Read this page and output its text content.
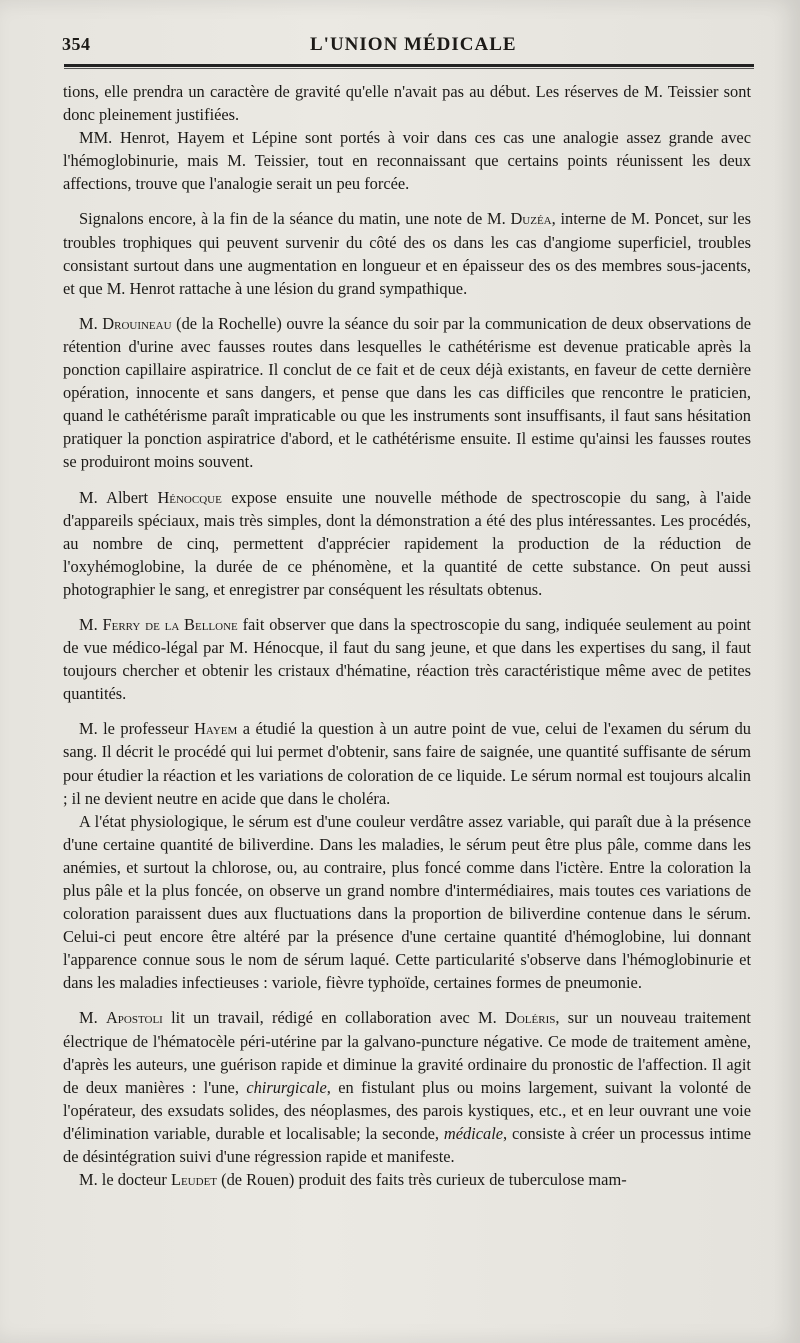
354	L'UNION MÉDICALE

tions, elle prendra un caractère de gravité qu'elle n'avait pas au début. Les réserves de M. Teissier sont donc pleinement justifiées.

MM. Henrot, Hayem et Lépine sont portés à voir dans ces cas une analogie assez grande avec l'hémoglobinurie, mais M. Teissier, tout en reconnaissant que certains points réunissent les deux affections, trouve que l'analogie serait un peu forcée.

Signalons encore, à la fin de la séance du matin, une note de M. Duzéa, interne de M. Poncet, sur les troubles trophiques qui peuvent survenir du côté des os dans les cas d'angiome superficiel, troubles consistant surtout dans une augmentation en longueur et en épaisseur des os des membres sous-jacents, et que M. Henrot rattache à une lésion du grand sympathique.

M. Drouineau (de la Rochelle) ouvre la séance du soir par la communication de deux observations de rétention d'urine avec fausses routes dans lesquelles le cathétérisme est devenue praticable après la ponction capillaire aspiratrice. Il conclut de ce fait et de ceux déjà existants, en faveur de cette dernière opération, innocente et sans dangers, et pense que dans les cas difficiles que rencontre le praticien, quand le cathétérisme paraît impraticable ou que les instruments sont insuffisants, il faut sans hésitation pratiquer la ponction aspiratrice d'abord, et le cathétérisme ensuite. Il estime qu'ainsi les fausses routes se produiront moins souvent.

M. Albert Hénocque expose ensuite une nouvelle méthode de spectroscopie du sang, à l'aide d'appareils spéciaux, mais très simples, dont la démonstration a été des plus intéressantes. Les procédés, au nombre de cinq, permettent d'apprécier rapidement la production de la réduction de l'oxyhémoglobine, la durée de ce phénomène, et la quantité de cette substance. On peut aussi photographier le sang, et enregistrer par conséquent les résultats obtenus.

M. Ferry de la Bellone fait observer que dans la spectroscopie du sang, indiquée seulement au point de vue médico-légal par M. Hénocque, il faut du sang jeune, et que dans les expertises du sang, il faut toujours chercher et obtenir les cristaux d'hématine, réaction très caractéristique même avec de petites quantités.

M. le professeur Hayem a étudié la question à un autre point de vue, celui de l'examen du sérum du sang. Il décrit le procédé qui lui permet d'obtenir, sans faire de saignée, une quantité suffisante de sérum pour étudier la réaction et les variations de coloration de ce liquide. Le sérum normal est toujours alcalin ; il ne devient neutre en acide que dans le choléra.

A l'état physiologique, le sérum est d'une couleur verdâtre assez variable, qui paraît due à la présence d'une certaine quantité de biliverdine. Dans les maladies, le sérum peut être plus pâle, comme dans les anémies, et surtout la chlorose, ou, au contraire, plus foncé comme dans l'ictère. Entre la coloration la plus pâle et la plus foncée, on observe un grand nombre d'intermédiaires, mais toutes ces variations de coloration paraissent dues aux fluctuations dans la proportion de biliverdine contenue dans le sérum. Celui-ci peut encore être altéré par la présence d'une certaine quantité d'hémoglobine, lui donnant l'apparence connue sous le nom de sérum laqué. Cette particularité s'observe dans l'hémoglobinurie et dans les maladies infectieuses : variole, fièvre typhoïde, certaines formes de pneumonie.

M. Apostoli lit un travail, rédigé en collaboration avec M. Doléris, sur un nouveau traitement électrique de l'hématocèle péri-utérine par la galvano-puncture négative. Ce mode de traitement amène, d'après les auteurs, une guérison rapide et diminue la gravité ordinaire du pronostic de l'affection. Il agit de deux manières : l'une, chirurgicale, en fistulant plus ou moins largement, suivant la volonté de l'opérateur, des exsudats solides, des néoplasmes, des parois kystiques, etc., et en leur ouvrant une voie d'élimination variable, durable et localisable; la seconde, médicale, consiste à créer un processus intime de désintégration suivi d'une régression rapide et manifeste.

M. le docteur Leudet (de Rouen) produit des faits très curieux de tuberculose mam-
